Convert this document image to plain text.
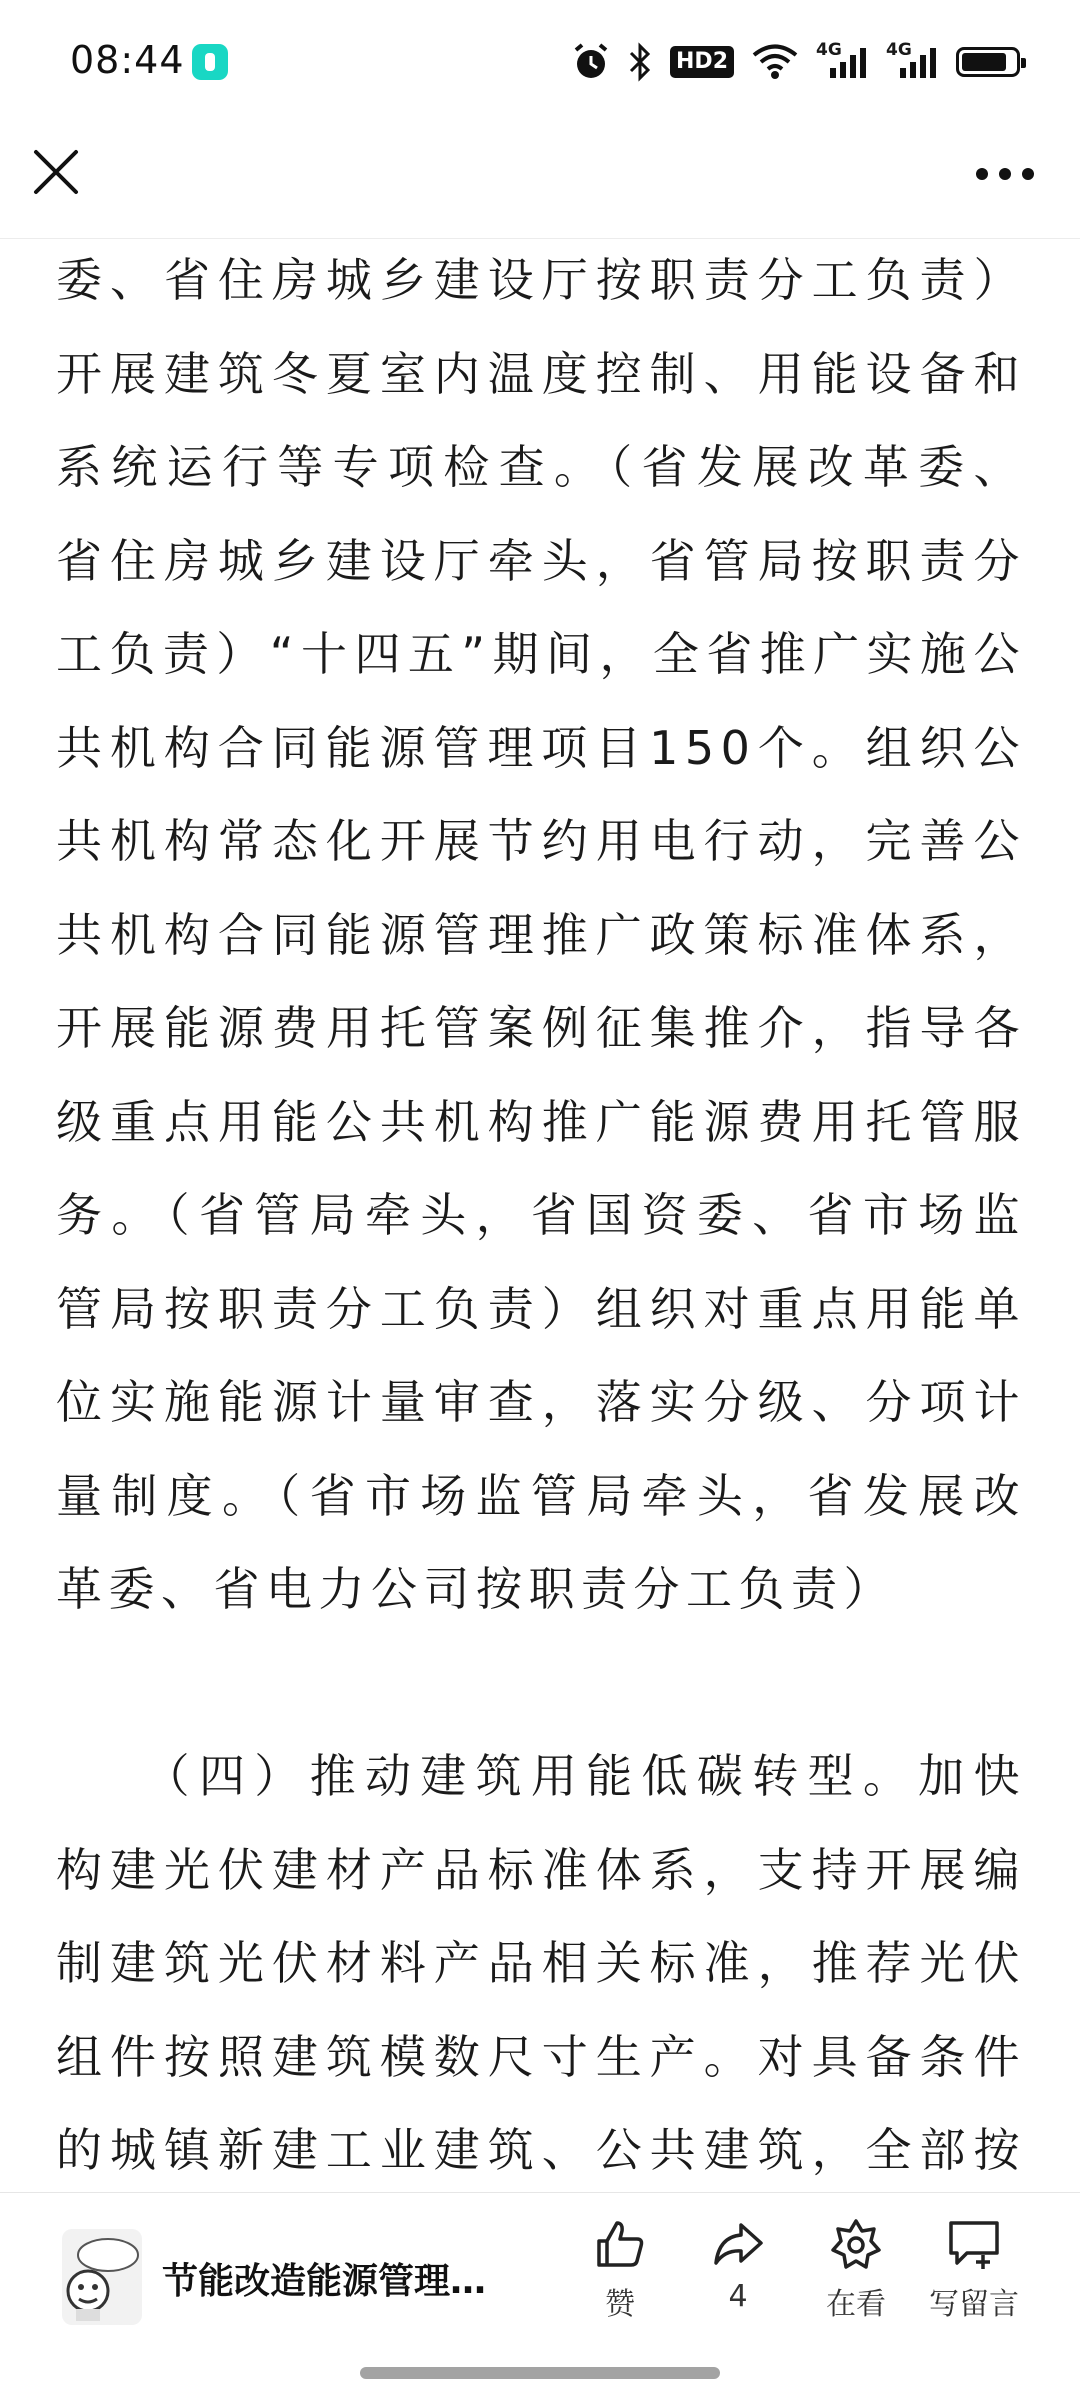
08:44	HD2	4G	4G

委、省住房城乡建设厅按职责分工负责）开展建筑冬夏室内温度控制、用能设备和系统运行等专项检查。（省发展改革委、省住房城乡建设厅牵头，省管局按职责分工负责）“十四五”期间，全省推广实施公共机构合同能源管理项目150个。组织公共机构常态化开展节约用电行动，完善公共机构合同能源管理推广政策标准体系，开展能源费用托管案例征集推介，指导各级重点用能公共机构推广能源费用托管服务。（省管局牵头，省国资委、省市场监管局按职责分工负责）组织对重点用能单位实施能源计量审查，落实分级、分项计量制度。（省市场监管局牵头，省发展改革委、省电力公司按职责分工负责）

　　（四）推动建筑用能低碳转型。加快构建光伏建材产品标准体系，支持开展编制建筑光伏材料产品相关标准，推荐光伏组件按照建筑模数尺寸生产。对具备条件的城镇新建工业建筑、公共建筑，全部按

节能改造能源管理…
赞	4	在看	写留言
